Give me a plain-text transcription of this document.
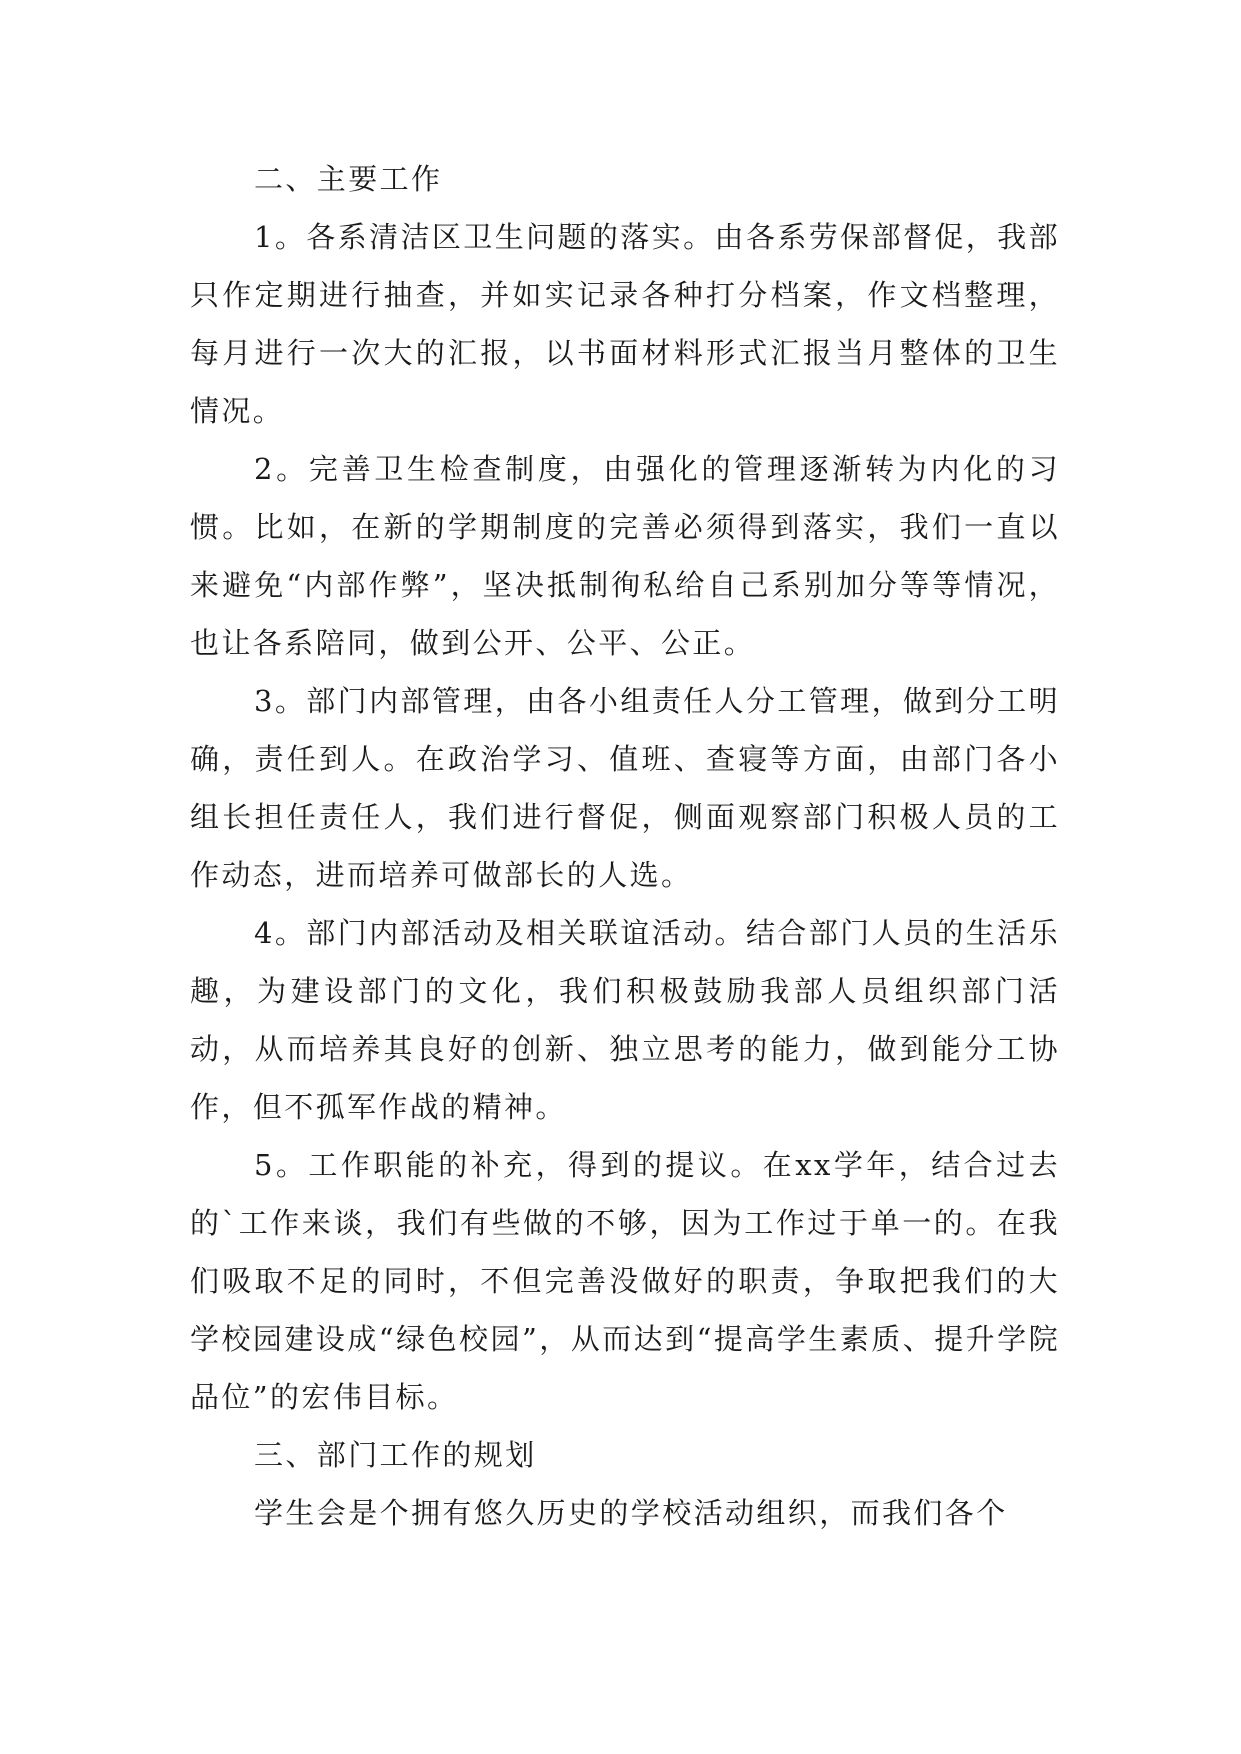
二、主要工作

1。各系清洁区卫生问题的落实。由各系劳保部督促，我部只作定期进行抽查，并如实记录各种打分档案，作文档整理，每月进行一次大的汇报，以书面材料形式汇报当月整体的卫生情况。

2。完善卫生检查制度，由强化的管理逐渐转为内化的习惯。比如，在新的学期制度的完善必须得到落实，我们一直以来避免“内部作弊”，坚决抵制徇私给自己系别加分等等情况，也让各系陪同，做到公开、公平、公正。

3。部门内部管理，由各小组责任人分工管理，做到分工明确，责任到人。在政治学习、值班、查寝等方面，由部门各小组长担任责任人，我们进行督促，侧面观察部门积极人员的工作动态，进而培养可做部长的人选。

4。部门内部活动及相关联谊活动。结合部门人员的生活乐趣，为建设部门的文化，我们积极鼓励我部人员组织部门活动，从而培养其良好的创新、独立思考的能力，做到能分工协作，但不孤军作战的精神。

5。工作职能的补充，得到的提议。在xx学年，结合过去的`工作来谈，我们有些做的不够，因为工作过于单一的。在我们吸取不足的同时，不但完善没做好的职责，争取把我们的大学校园建设成“绿色校园”，从而达到“提高学生素质、提升学院品位”的宏伟目标。

三、部门工作的规划

学生会是个拥有悠久历史的学校活动组织，而我们各个
